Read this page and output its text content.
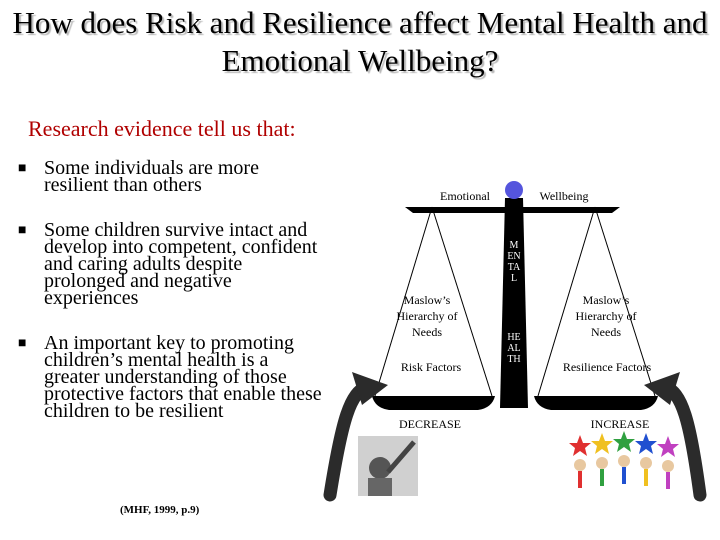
How does Risk and Resilience affect Mental Health and Emotional Wellbeing?
Research evidence tell us that:
■ Some individuals are more resilient than others
■ Some children survive intact and develop into competent, confident and caring adults despite prolonged and negative experiences
■ An important key to promoting children’s mental health is a greater understanding of those protective factors that enable these children to be resilient
(MHF, 1999, p.9)
Emotional	Wellbeing
MENTAL
HEALTH
Maslow’s Hierarchy of Needs
Risk Factors
Maslow’s Hierarchy of Needs
Resilience Factors
DECREASE	INCREASE
